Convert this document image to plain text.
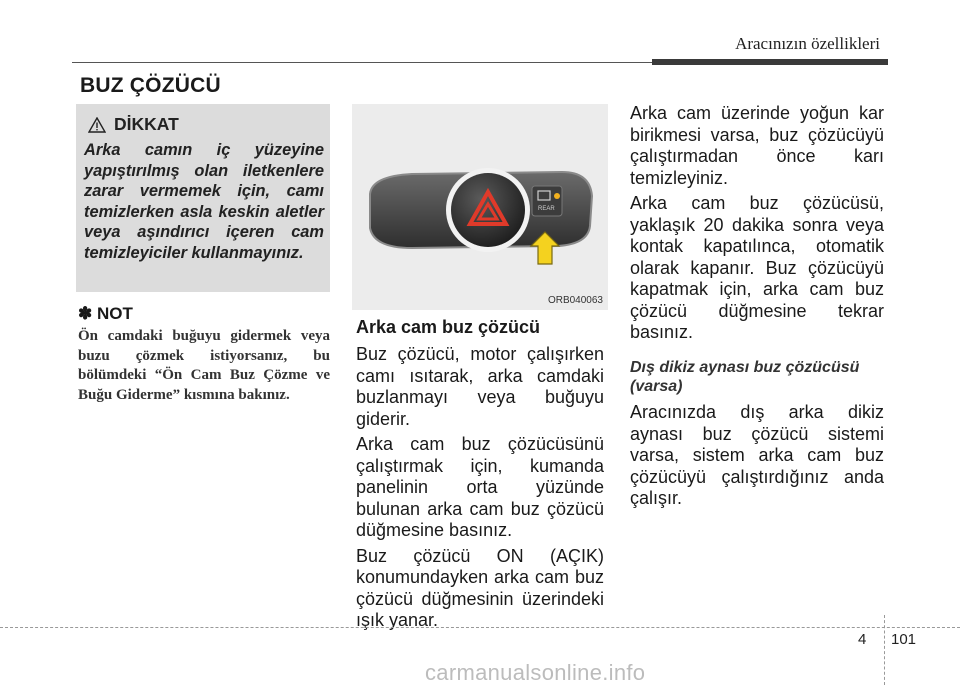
Aracınızın özellikleri
BUZ ÇÖZÜCÜ
DİKKAT
Arka camın iç yüzeyine yapıştırılmış olan iletkenlere zarar vermemek için, camı temizlerken asla keskin aletler veya aşındırıcı içeren cam temizleyiciler kullanmayınız.
✽ NOT
Ön camdaki buğuyu gidermek veya buzu çözmek istiyorsanız, bu bölümdeki “Ön Cam Buz Çözme ve Buğu Giderme” kısmına bakınız.
REAR
ORB040063
Arka cam buz çözücü

Buz çözücü, motor çalışırken camı ısıtarak, arka camdaki buzlanmayı veya buğuyu giderir.

Arka cam buz çözücüsünü çalıştırmak için, kumanda panelinin orta yüzünde bulunan arka cam buz çözücü düğmesine basınız.

Buz çözücü ON (AÇIK) konumundayken arka cam buz çözücü düğmesinin üzerindeki ışık yanar.

Arka cam üzerinde yoğun kar birikmesi varsa, buz çözücüyü çalıştırmadan önce karı temizleyiniz.

Arka cam buz çözücüsü, yaklaşık 20 dakika sonra veya kontak kapatılınca, otomatik olarak kapanır. Buz çözücüyü kapatmak için, arka cam buz çözücü düğmesine tekrar basınız.

Dış dikiz aynası buz çözücüsü (varsa)

Aracınızda dış arka dikiz aynası buz çözücü sistemi varsa, sistem arka cam buz çözücüyü çalıştırdığınız anda çalışır.

4 101
carmanualsonline.info
